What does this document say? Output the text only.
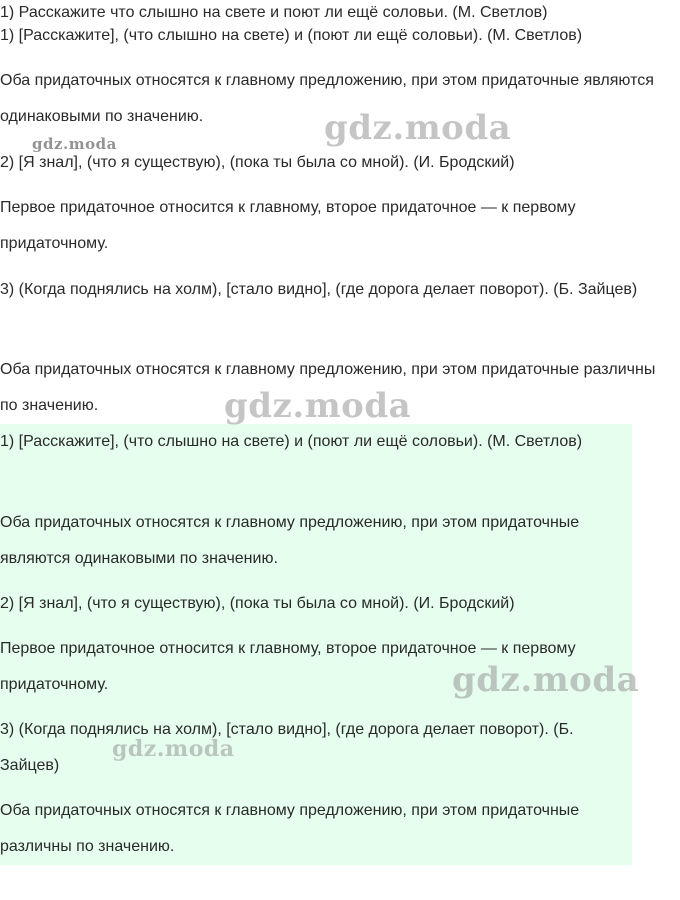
1) Расскажите что слышно на свете и поют ли ещё соловьи. (М. Светлов)

1) [Расскажите], (что слышно на свете) и (поют ли ещё соловьи). (М. Светлов)

Оба придаточных относятся к главному предложению, при этом придаточные являются одинаковыми по значению.

2) [Я знал], (что я существую), (пока ты была со мной). (И. Бродский)

Первое придаточное относится к главному, второе придаточное — к первому придаточному.

3) (Когда поднялись на холм), [стало видно], (где дорога делает поворот). (Б. Зайцев)

Оба придаточных относятся к главному предложению, при этом придаточные различны по значению.

1) [Расскажите], (что слышно на свете) и (поют ли ещё соловьи). (М. Светлов)

Оба придаточных относятся к главному предложению, при этом придаточные являются одинаковыми по значению.

2) [Я знал], (что я существую), (пока ты была со мной). (И. Бродский)

Первое придаточное относится к главному, второе придаточное — к первому придаточному.

3) (Когда поднялись на холм), [стало видно], (где дорога делает поворот). (Б. Зайцев)

Оба придаточных относятся к главному предложению, при этом придаточные различны по значению.

gdz.moda	gdz.moda
gdz.moda
gdz.moda
gdz.moda
